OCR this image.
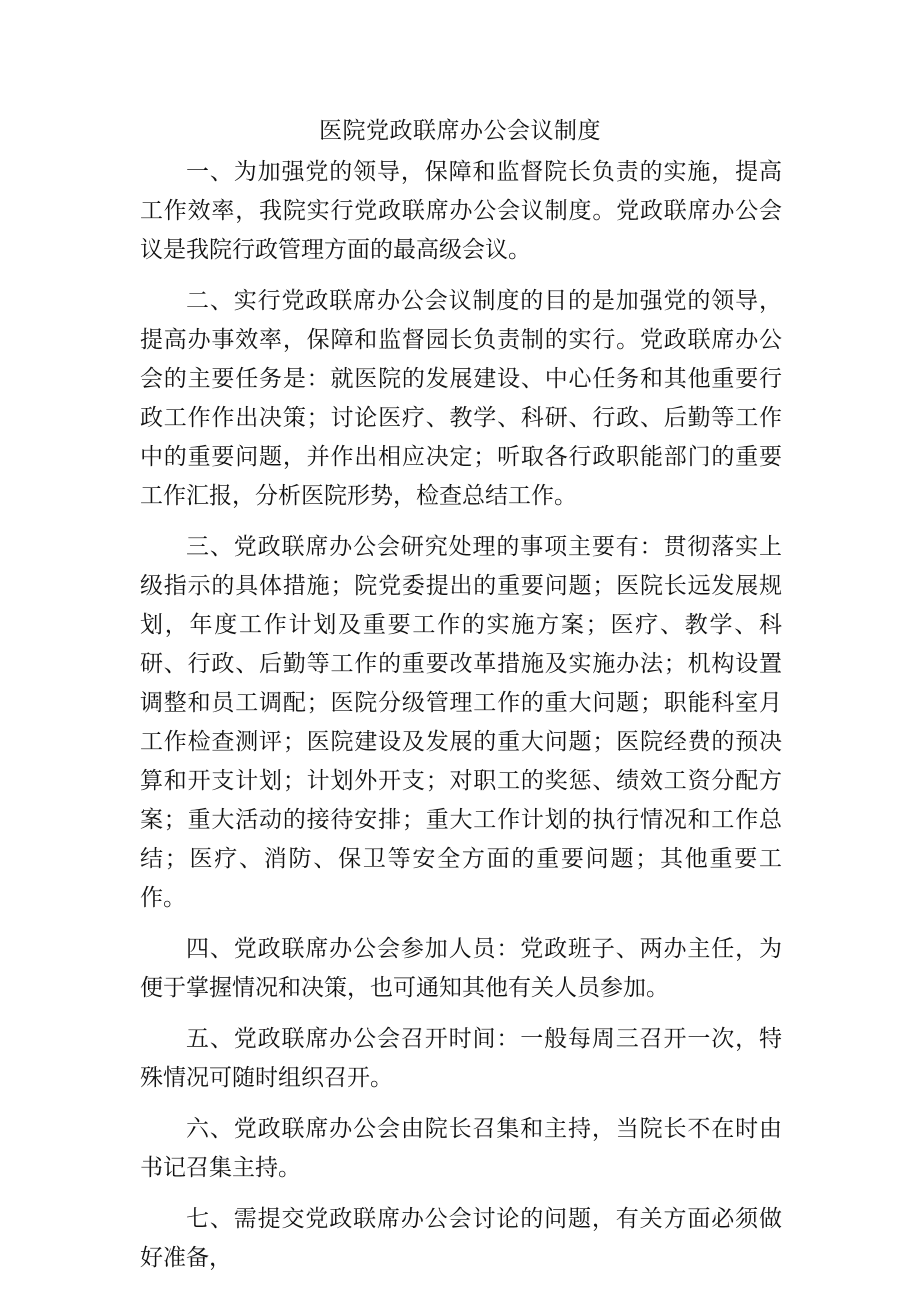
医院党政联席办公会议制度

一、为加强党的领导，保障和监督院长负责的实施，提高工作效率，我院实行党政联席办公会议制度。党政联席办公会议是我院行政管理方面的最高级会议。

二、实行党政联席办公会议制度的目的是加强党的领导，提高办事效率，保障和监督园长负责制的实行。党政联席办公会的主要任务是：就医院的发展建设、中心任务和其他重要行政工作作出决策；讨论医疗、教学、科研、行政、后勤等工作中的重要问题，并作出相应决定；听取各行政职能部门的重要工作汇报，分析医院形势，检查总结工作。

三、党政联席办公会研究处理的事项主要有：贯彻落实上级指示的具体措施；院党委提出的重要问题；医院长远发展规划，年度工作计划及重要工作的实施方案；医疗、教学、科研、行政、后勤等工作的重要改革措施及实施办法；机构设置调整和员工调配；医院分级管理工作的重大问题；职能科室月工作检查测评；医院建设及发展的重大问题；医院经费的预决算和开支计划；计划外开支；对职工的奖惩、绩效工资分配方案；重大活动的接待安排；重大工作计划的执行情况和工作总结；医疗、消防、保卫等安全方面的重要问题；其他重要工作。

四、党政联席办公会参加人员：党政班子、两办主任，为便于掌握情况和决策，也可通知其他有关人员参加。

五、党政联席办公会召开时间：一般每周三召开一次，特殊情况可随时组织召开。

六、党政联席办公会由院长召集和主持，当院长不在时由书记召集主持。

七、需提交党政联席办公会讨论的问题，有关方面必须做好准备，
